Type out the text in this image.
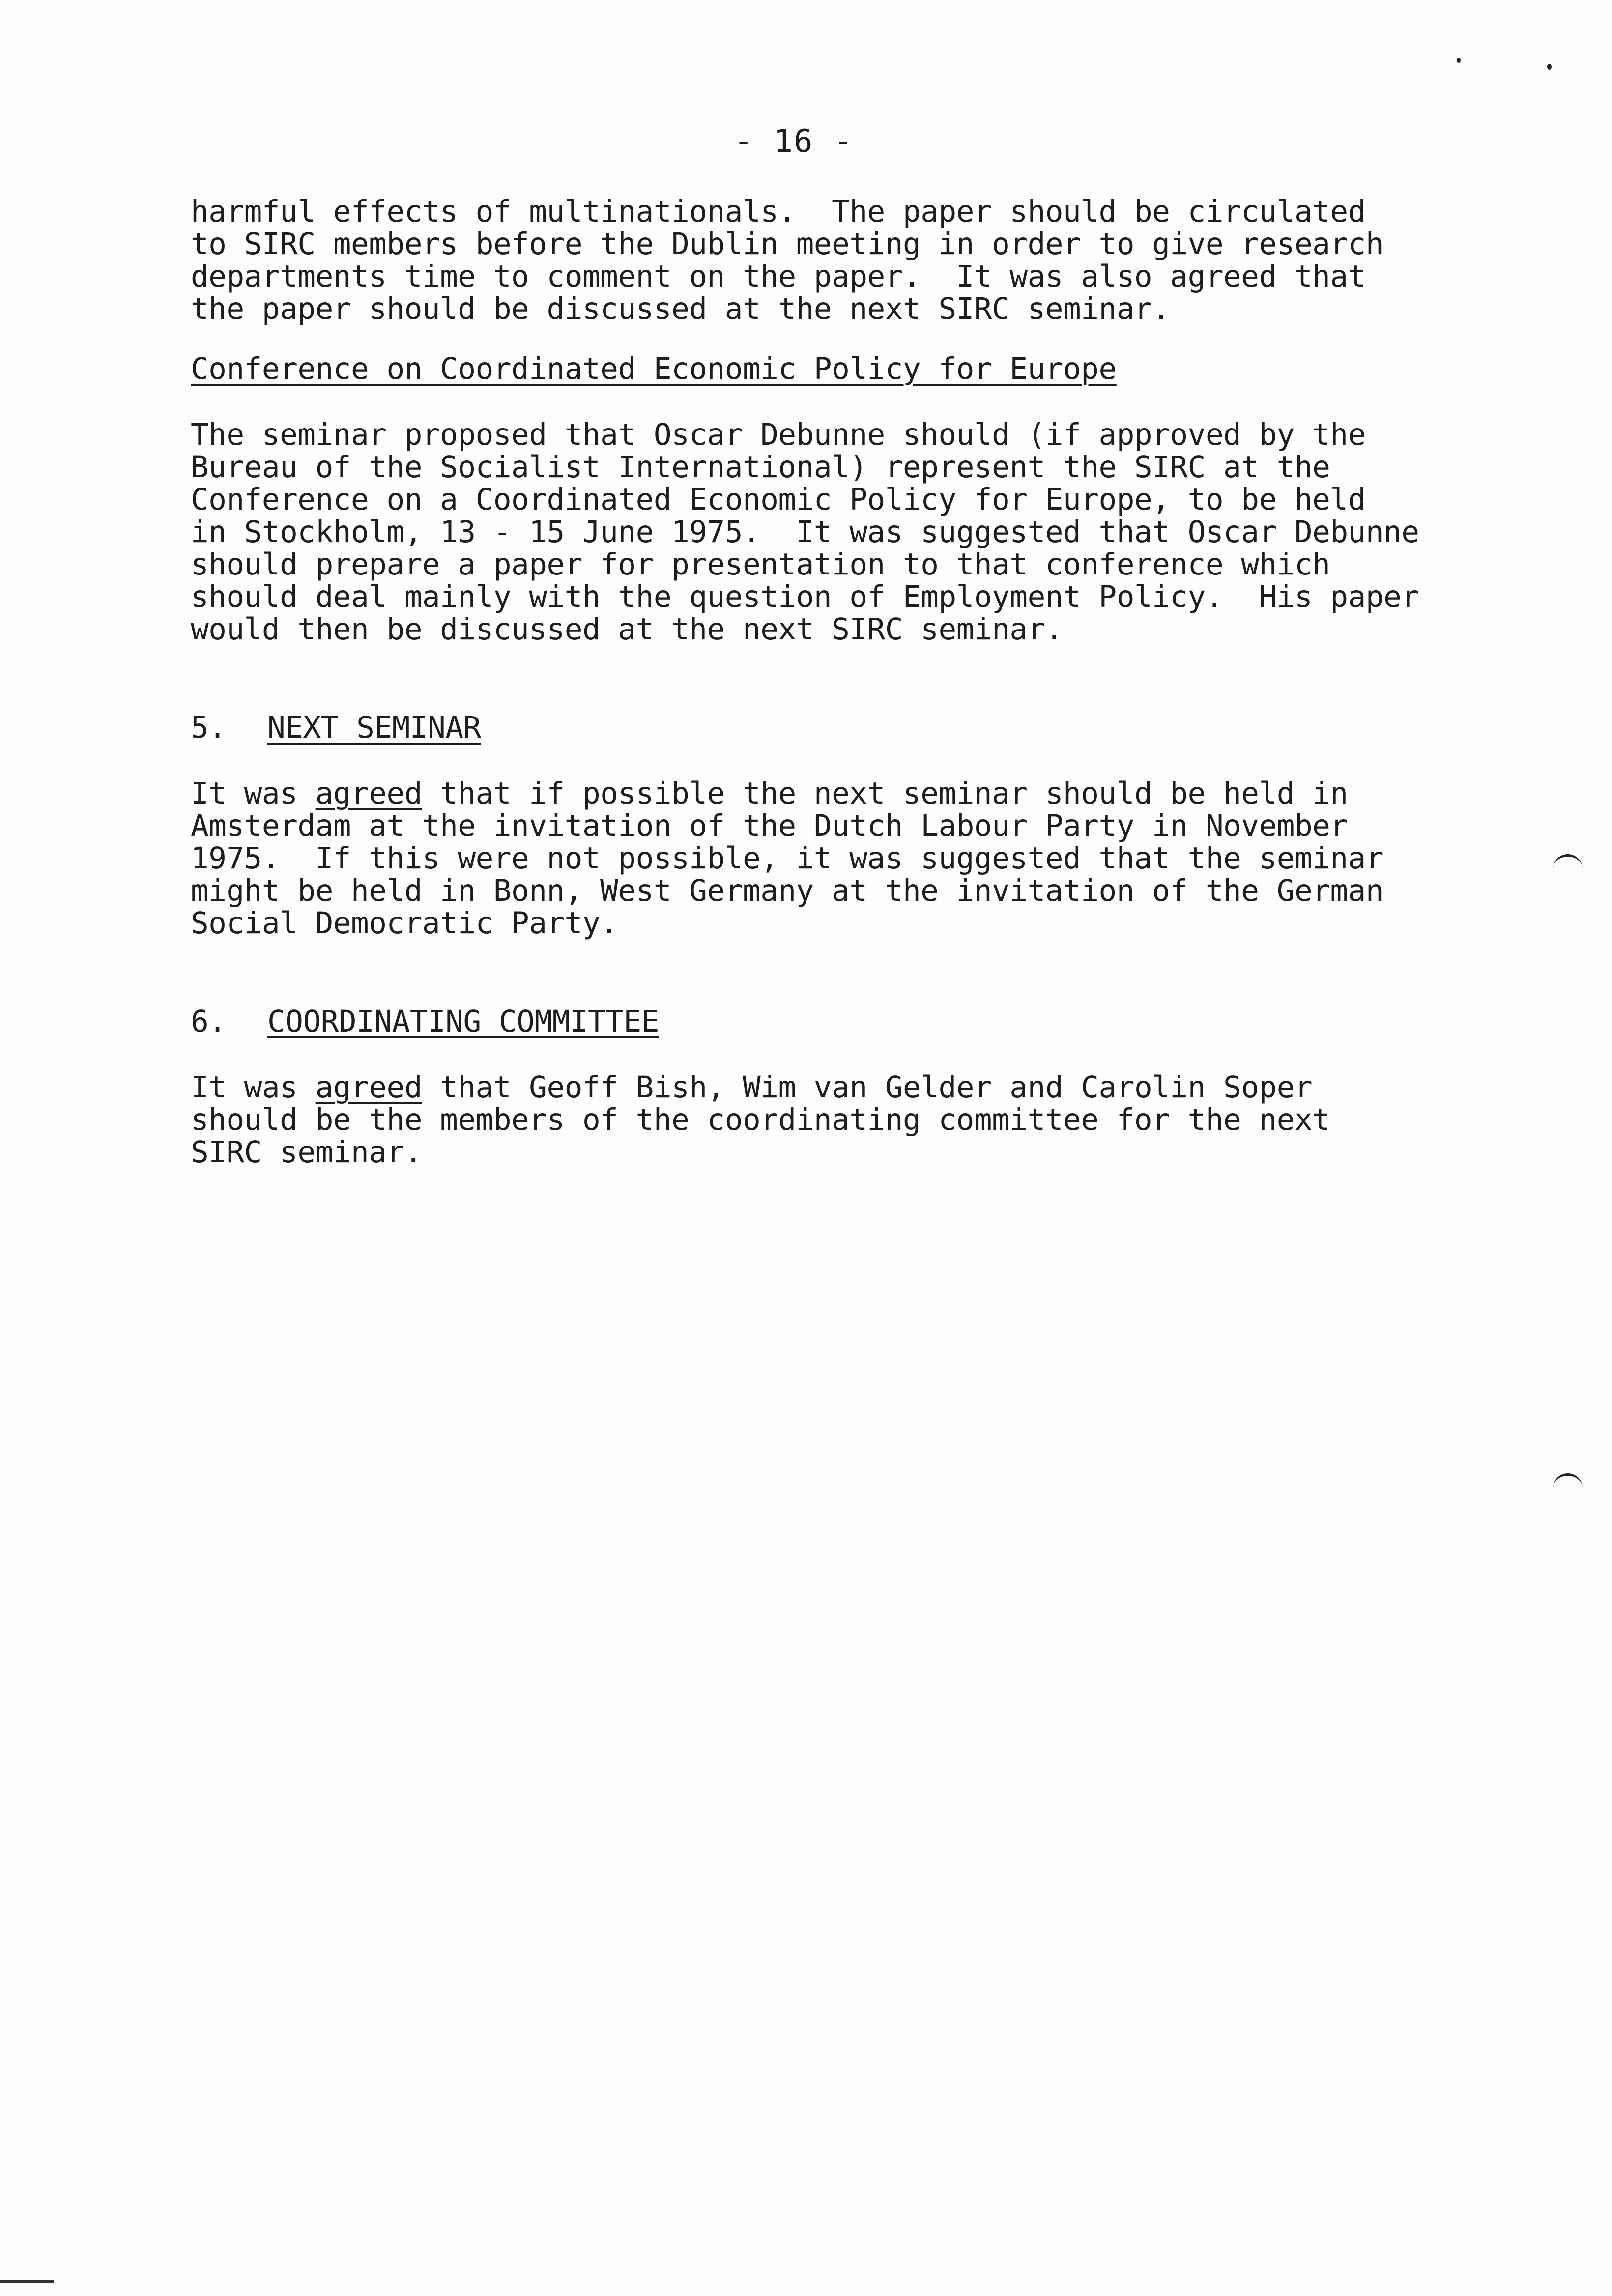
- 16 -
harmful effects of multinationals.  The paper should be circulated
to SIRC members before the Dublin meeting in order to give research
departments time to comment on the paper.  It was also agreed that
the paper should be discussed at the next SIRC seminar.
Conference on Coordinated Economic Policy for Europe
The seminar proposed that Oscar Debunne should (if approved by the
Bureau of the Socialist International) represent the SIRC at the
Conference on a Coordinated Economic Policy for Europe, to be held
in Stockholm, 13 - 15 June 1975.  It was suggested that Oscar Debunne
should prepare a paper for presentation to that conference which
should deal mainly with the question of Employment Policy.  His paper
would then be discussed at the next SIRC seminar.
5. NEXT SEMINAR
It was agreed that if possible the next seminar should be held in
Amsterdam at the invitation of the Dutch Labour Party in November
1975.  If this were not possible, it was suggested that the seminar
might be held in Bonn, West Germany at the invitation of the German
Social Democratic Party.
6. COORDINATING COMMITTEE
It was agreed that Geoff Bish, Wim van Gelder and Carolin Soper
should be the members of the coordinating committee for the next
SIRC seminar.
